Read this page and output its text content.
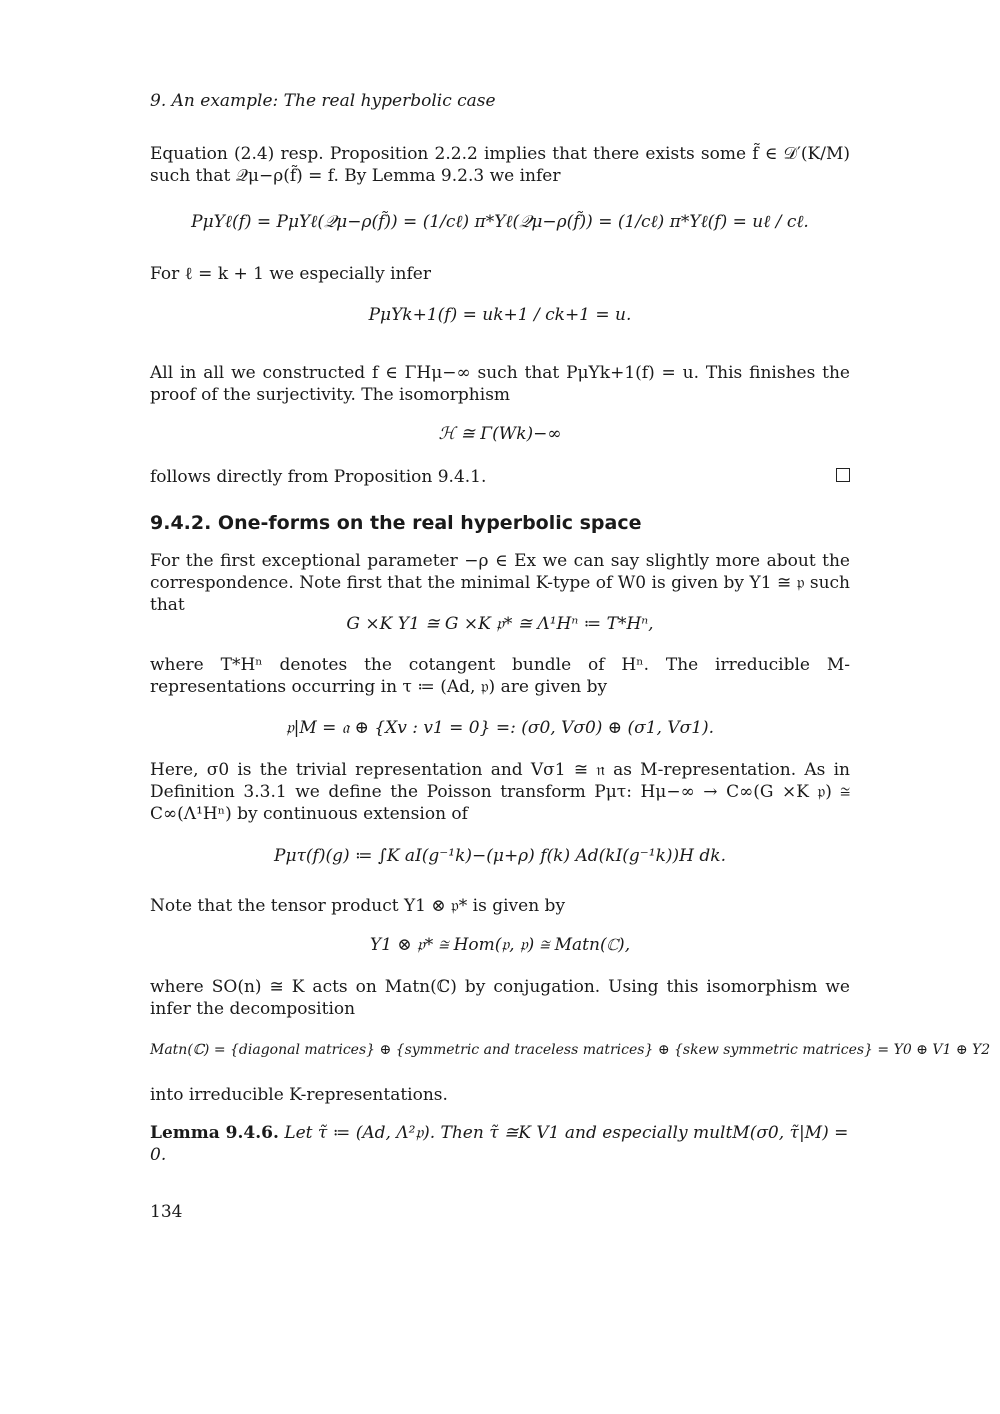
9. An example: The real hyperbolic case
Equation (2.4) resp. Proposition 2.2.2 implies that there exists some f̃ ∈ 𝒟′(K/M) such that 𝒬μ−ρ(f̃) = f. By Lemma 9.2.3 we infer
PμYℓ(f) = PμYℓ(𝒬μ−ρ(f̃)) = (1/cℓ) π*Yℓ(𝒬μ−ρ(f̃)) = (1/cℓ) π*Yℓ(f) = uℓ / cℓ.
For ℓ = k + 1 we especially infer
PμYk+1(f) = uk+1 / ck+1 = u.
All in all we constructed f ∈ ΓHμ−∞ such that PμYk+1(f) = u. This finishes the proof of the surjectivity. The isomorphism
ℋ ≅ Γ(Wk)−∞
follows directly from Proposition 9.4.1.
9.4.2. One-forms on the real hyperbolic space
For the first exceptional parameter −ρ ∈ Ex we can say slightly more about the correspondence. Note first that the minimal K-type of W0 is given by Y1 ≅ 𝔭 such that
G ×K Y1 ≅ G ×K 𝔭* ≅ Λ¹Hⁿ ≔ T*Hⁿ,
where T*Hⁿ denotes the cotangent bundle of Hⁿ. The irreducible M-representations occurring in τ ≔ (Ad, 𝔭) are given by
𝔭|M = 𝔞 ⊕ {Xv : v1 = 0} =: (σ0, Vσ0) ⊕ (σ1, Vσ1).
Here, σ0 is the trivial representation and Vσ1 ≅ 𝔫 as M-representation. As in Definition 3.3.1 we define the Poisson transform Pμτ: Hμ−∞ → C∞(G ×K 𝔭) ≅ C∞(Λ¹Hⁿ) by continuous extension of
Pμτ(f)(g) ≔ ∫K aI(g⁻¹k)−(μ+ρ) f(k) Ad(kI(g⁻¹k))H dk.
Note that the tensor product Y1 ⊗ 𝔭* is given by
Y1 ⊗ 𝔭* ≅ Hom(𝔭, 𝔭) ≅ Matn(ℂ),
where SO(n) ≅ K acts on Matn(ℂ) by conjugation. Using this isomorphism we infer the decomposition
Matn(ℂ) = {diagonal matrices} ⊕ {symmetric and traceless matrices} ⊕ {skew symmetric matrices} = Y0 ⊕ V1 ⊕ Y2
into irreducible K-representations.
Lemma 9.4.6. Let τ̃ ≔ (Ad, Λ²𝔭). Then τ̃ ≅K V1 and especially multM(σ0, τ̃|M) = 0.
134
